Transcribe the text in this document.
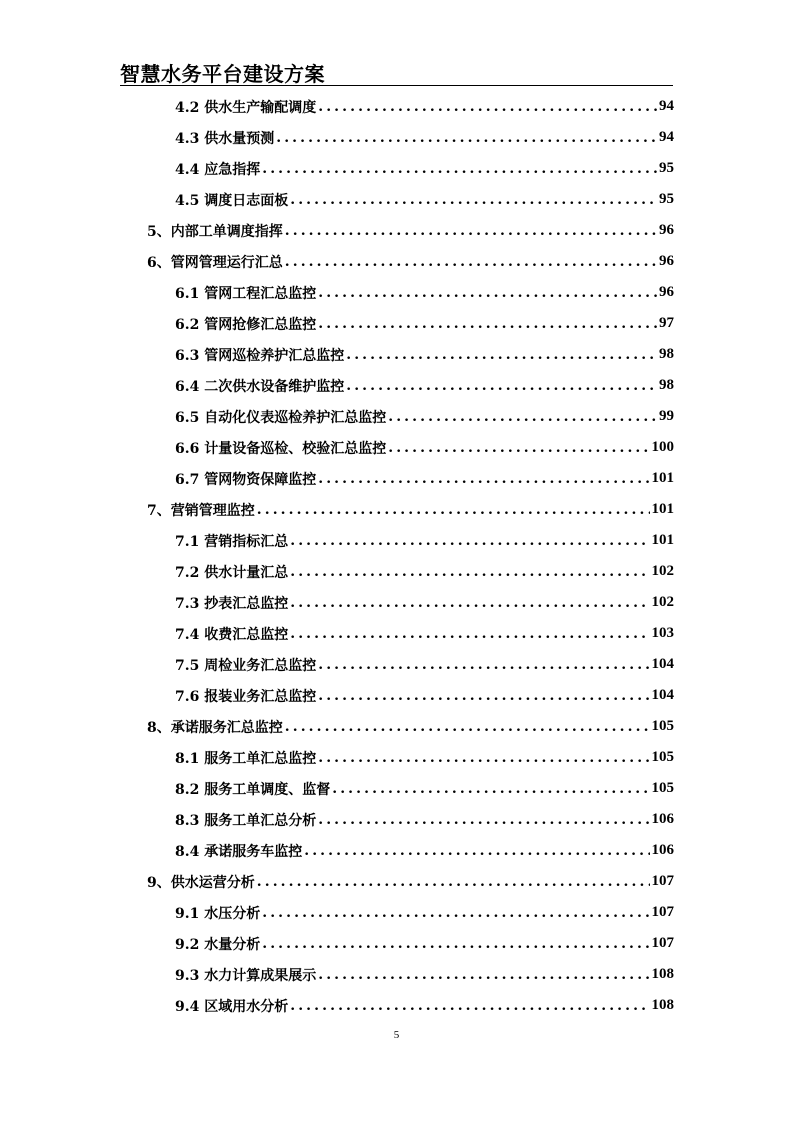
智慧水务平台建设方案
4.2 供水生产输配调度 .....	94
4.3 供水量预测 .....	94
4.4 应急指挥 .....	95
4.5 调度日志面板 .....	95
5、内部工单调度指挥 .....	96
6、管网管理运行汇总 .....	96
6.1 管网工程汇总监控 .....	96
6.2 管网抢修汇总监控 .....	97
6.3 管网巡检养护汇总监控 .....	98
6.4 二次供水设备维护监控 .....	98
6.5 自动化仪表巡检养护汇总监控 .....	99
6.6 计量设备巡检、校验汇总监控 .....	100
6.7 管网物资保障监控 .....	101
7、营销管理监控 .....	101
7.1 营销指标汇总 .....	101
7.2 供水计量汇总 .....	102
7.3 抄表汇总监控 .....	102
7.4 收费汇总监控 .....	103
7.5 周检业务汇总监控 .....	104
7.6 报装业务汇总监控 .....	104
8、承诺服务汇总监控 .....	105
8.1 服务工单汇总监控 .....	105
8.2 服务工单调度、监督 .....	105
8.3 服务工单汇总分析 .....	106
8.4 承诺服务车监控 .....	106
9、供水运营分析 .....	107
9.1 水压分析 .....	107
9.2 水量分析 .....	107
9.3 水力计算成果展示 .....	108
9.4 区域用水分析 .....	108
5
